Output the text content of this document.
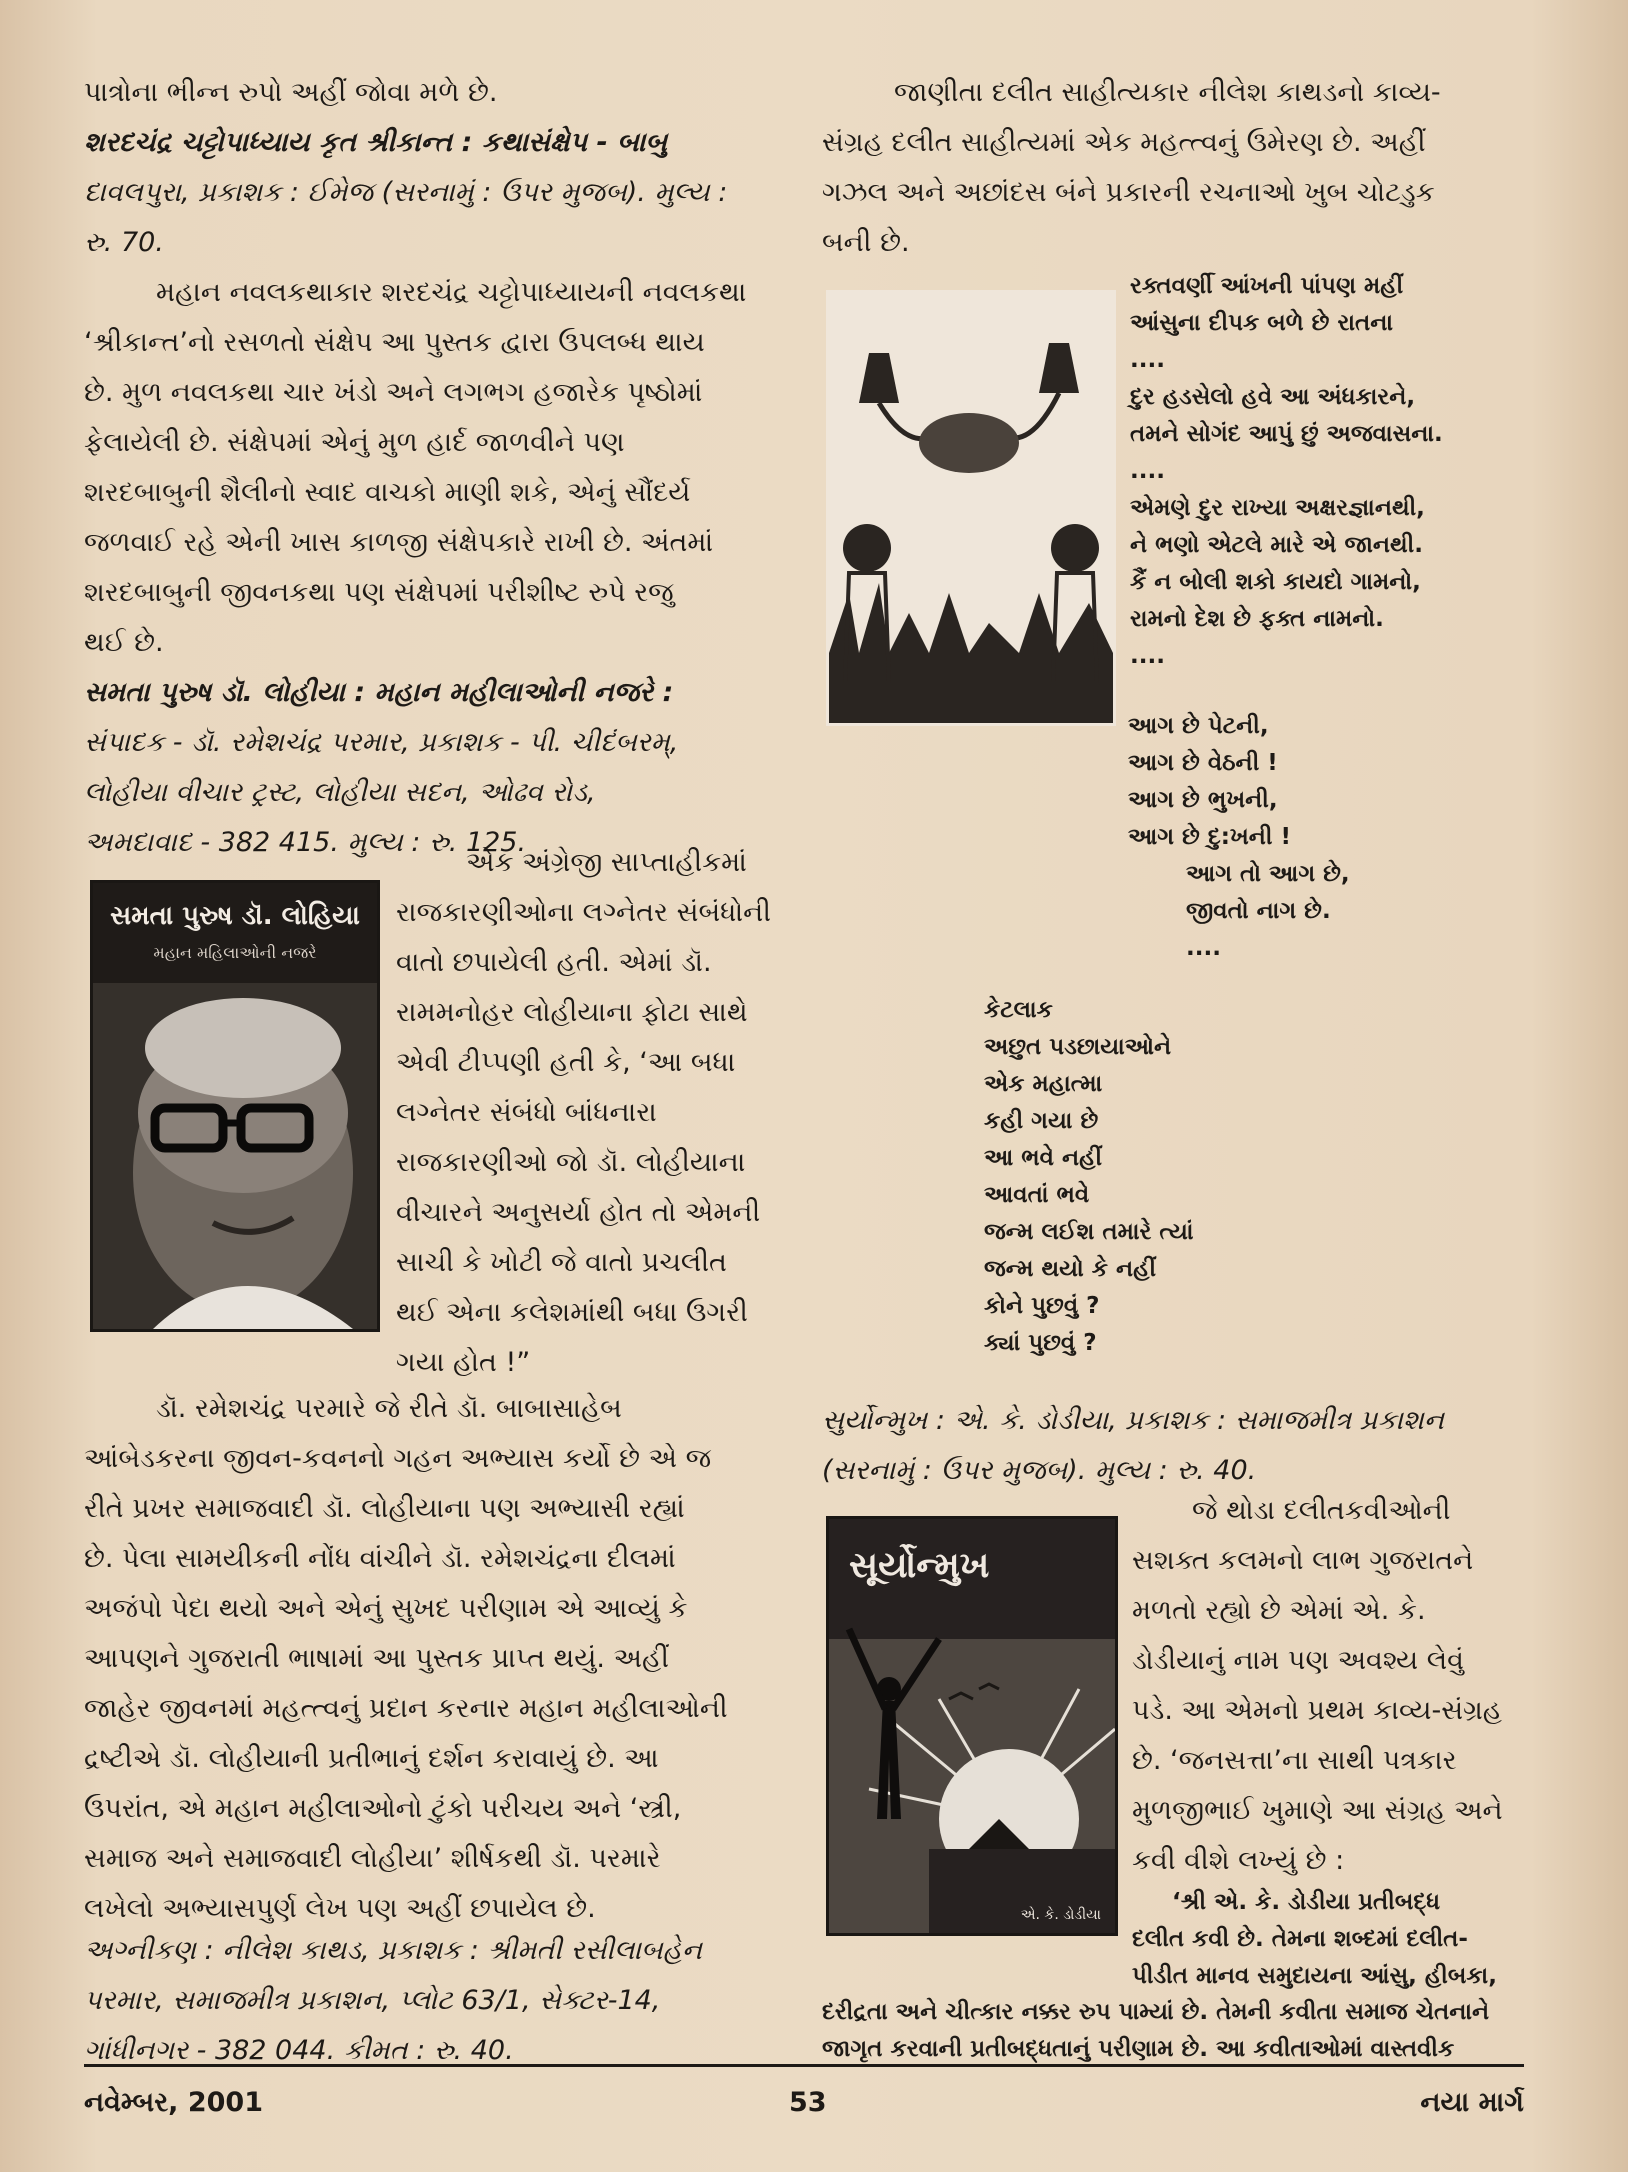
પાત્રોના ભીન્ન રુપો અહીં જોવા મળે છે.

શરદચંદ્ર ચટ્ટોપાધ્યાય કૃત શ્રીકાન્ત : કથાસંક્ષેપ - બાબુ
દાવલપુરા, પ્રકાશક : ઈમેજ (સરનામું : ઉપર મુજબ). મુલ્ય :
રુ. 70.
મહાન નવલકથાકાર શરદચંદ્ર ચટ્ટોપાધ્યાયની નવલકથા
‘શ્રીકાન્ત’નો રસળતો સંક્ષેપ આ પુસ્તક દ્વારા ઉપલબ્ધ થાય
છે. મુળ નવલકથા ચાર ખંડો અને લગભગ હજારેક પૃષ્ઠોમાં
ફેલાયેલી છે. સંક્ષેપમાં એનું મુળ હાર્દ જાળવીને પણ
શરદબાબુની શૈલીનો સ્વાદ વાચકો માણી શકે, એનું સૌંદર્ય
જળવાઈ રહે એની ખાસ કાળજી સંક્ષેપકારે રાખી છે. અંતમાં
શરદબાબુની જીવનકથા પણ સંક્ષેપમાં પરીશીષ્ટ રુપે રજુ
થઈ છે.
સમતા પુરુષ ડૉ. લોહીયા : મહાન મહીલાઓની નજરે :
સંપાદક - ડૉ. રમેશચંદ્ર પરમાર, પ્રકાશક - પી. ચીદંબરમ્,
લોહીયા વીચાર ટ્રસ્ટ, લોહીયા સદન, ઓઢવ રોડ,
અમદાવાદ - 382 415. મુલ્ય : રુ. 125.
સમતા પુરુષ ડૉ. લોહિયા
મહાન મહિલાઓની નજરે
એક અંગ્રેજી સાપ્તાહીકમાં
રાજકારણીઓના લગ્નેતર સંબંધોની
વાતો છપાયેલી હતી. એમાં ડૉ.
રામમનોહર લોહીયાના ફોટા સાથે
એવી ટીપ્પણી હતી કે, ‘આ બધા
લગ્નેતર સંબંધો બાંધનારા
રાજકારણીઓ જો ડૉ. લોહીયાના
વીચારને અનુસર્યા હોત તો એમની
સાચી કે ખોટી જે વાતો પ્રચલીત
થઈ એના કલેશમાંથી બધા ઉગરી
ગયા હોત !”
ડૉ. રમેશચંદ્ર પરમારે જે રીતે ડૉ. બાબાસાહેબ
આંબેડકરના જીવન-કવનનો ગહન અભ્યાસ કર્યો છે એ જ
રીતે પ્રખર સમાજવાદી ડૉ. લોહીયાના પણ અભ્યાસી રહ્યાં
છે. પેલા સામયીકની નોંધ વાંચીને ડૉ. રમેશચંદ્રના દીલમાં
અજંપો પેદા થયો અને એનું સુખદ પરીણામ એ આવ્યું કે
આપણને ગુજરાતી ભાષામાં આ પુસ્તક પ્રાપ્ત થયું. અહીં
જાહેર જીવનમાં મહત્ત્વનું પ્રદાન કરનાર મહાન મહીલાઓની
દ્રષ્ટીએ ડૉ. લોહીયાની પ્રતીભાનું દર્શન કરાવાયું છે. આ
ઉપરાંત, એ મહાન મહીલાઓનો ટુંકો પરીચય અને ‘સ્ત્રી,
સમાજ અને સમાજવાદી લોહીયા’ શીર્ષકથી ડૉ. પરમારે
લખેલો અભ્યાસપુર્ણ લેખ પણ અહીં છપાયેલ છે.
અગ્નીકણ : નીલેશ કાથડ, પ્રકાશક : શ્રીમતી રસીલાબહેન
પરમાર, સમાજમીત્ર પ્રકાશન, પ્લોટ 63/1, સેક્ટર-14,
ગાંધીનગર - 382 044. કીમત : રુ. 40.
જાણીતા દલીત સાહીત્યકાર નીલેશ કાથડનો કાવ્ય-
સંગ્રહ દલીત સાહીત્યમાં એક મહત્ત્વનું ઉમેરણ છે. અહીં
ગઝલ અને અછાંદસ બંને પ્રકારની રચનાઓ ખુબ ચોટડુક
બની છે.
રક્તવર્ણી આંખની પાંપણ મહીં
આંસુના દીપક બળે છે રાતના
....
દુર હડસેલો હવે આ અંધકારને,
તમને સોગંદ આપું છું અજવાસના.
....
એમણે દુર રાખ્યા અક્ષરજ્ઞાનથી,
ને ભણો એટલે મારે એ જાનથી.
કૈં ન બોલી શકો કાયદો ગામનો,
રામનો દેશ છે ફક્ત નામનો.
....
આગ છે પેટની,
આગ છે વેઠની !
આગ છે ભુખની,
આગ છે દુ:ખની !
આગ તો આગ છે,
જીવતો નાગ છે.
....
કેટલાક
અછુત પડછાયાઓને
એક મહાત્મા
કહી ગયા છે
આ ભવે નહીં
આવતાં ભવે
જન્મ લઈશ તમારે ત્યાં
જન્મ થયો કે નહીં
કોને પુછવું ?
ક્યાં પુછવું ?
સુર્યોન્મુખ : એ. કે. ડોડીયા, પ્રકાશક : સમાજમીત્ર પ્રકાશન
(સરનામું : ઉપર મુજબ). મુલ્ય : રુ. 40.
સૂર્યોન્મુખ
એ. કે. ડોડીયા
જે થોડા દલીતકવીઓની
સશક્ત કલમનો લાભ ગુજરાતને
મળતો રહ્યો છે એમાં એ. કે.
ડોડીયાનું નામ પણ અવશ્ય લેવું
પડે. આ એમનો પ્રથમ કાવ્ય-સંગ્રહ
છે. ‘જનસત્તા’ના સાથી પત્રકાર
મુળજીભાઈ ખુમાણે આ સંગ્રહ અને
કવી વીશે લખ્યું છે :
‘શ્રી એ. કે. ડોડીયા પ્રતીબદ્ધ
દલીત કવી છે. તેમના શબ્દમાં દલીત-
પીડીત માનવ સમુદાયના આંસુ, હીબકા,
દરીદ્રતા અને ચીત્કાર નક્કર રુપ પામ્યાં છે. તેમની કવીતા સમાજ ચેતનાને
જાગૃત કરવાની પ્રતીબદ્ધતાનું પરીણામ છે. આ કવીતાઓમાં વાસ્તવીક
નવેમ્બર, 2001	53	નયા માર્ગ
